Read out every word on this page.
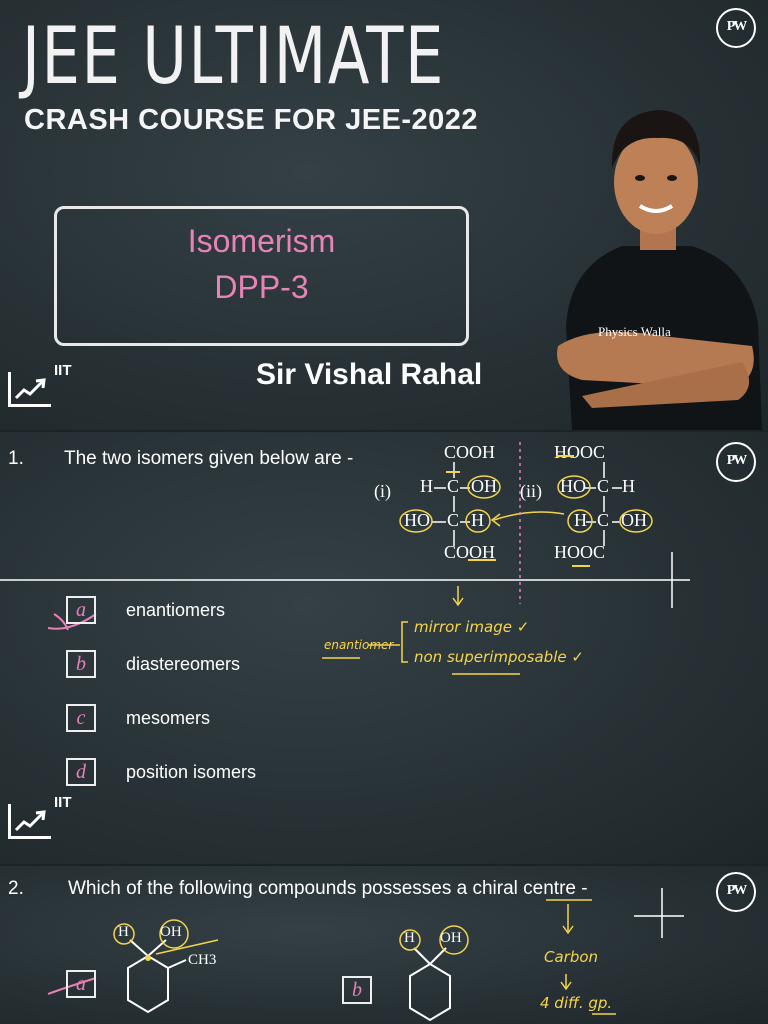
PW
JEE ULTIMATE
CRASH COURSE FOR JEE-2022
Isomerism
DPP-3
IIT	Sir Vishal Rahal
Physics Walla
PW
1. The two isomers given below are -	COOH
(i) H C OH
HO C H
COOH
HOOC
(ii) HO C H
H C OH
HOOC
mirror image ✓
enantiomer
non superimposable ✓
a	enantiomers
b	diastereomers
c	mesomers
d	position isomers
IIT
PW
2. Which of the following compounds possesses a chiral centre -
H OH
CH3
H OH
a	b
Carbon
4 diff. gp.
